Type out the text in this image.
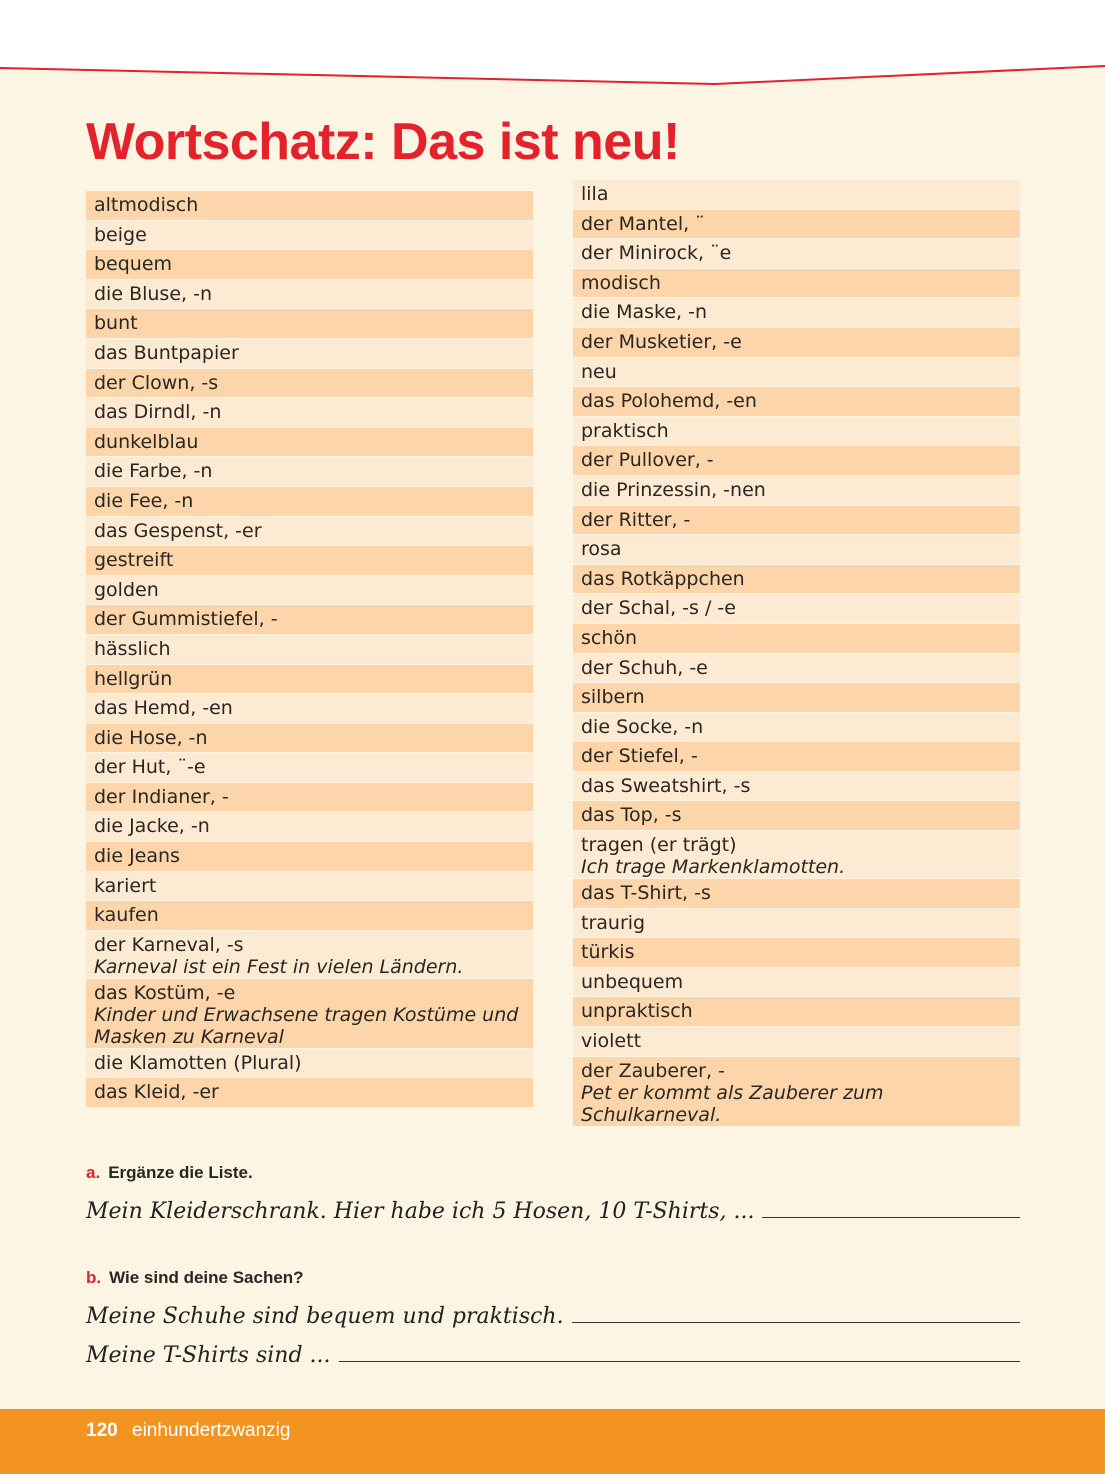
Wortschatz: Das ist neu!
altmodisch
beige
bequem
die Bluse, -n
bunt
das Buntpapier
der Clown, -s
das Dirndl, -n
dunkelblau
die Farbe, -n
die Fee, -n
das Gespenst, -er
gestreift
golden
der Gummistiefel, -
hässlich
hellgrün
das Hemd, -en
die Hose, -n
der Hut, ¨-e
der Indianer, -
die Jacke, -n
die Jeans
kariert
kaufen
der Karneval, -s
Karneval ist ein Fest in vielen Ländern.
das Kostüm, -e
Kinder und Erwachsene tragen Kostüme und Masken zu Karneval
die Klamotten (Plural)
das Kleid, -er
lila
der Mantel, ¨
der Minirock, ¨e
modisch
die Maske, -n
der Musketier, -e
neu
das Polohemd, -en
praktisch
der Pullover, -
die Prinzessin, -nen
der Ritter, -
rosa
das Rotkäppchen
der Schal, -s / -e
schön
der Schuh, -e
silbern
die Socke, -n
der Stiefel, -
das Sweatshirt, -s
das Top, -s
tragen (er trägt)
Ich trage Markenklamotten.
das T-Shirt, -s
traurig
türkis
unbequem
unpraktisch
violett
der Zauberer, -
Pet er kommt als Zauberer zum Schulkarneval.
a. Ergänze die Liste.
Mein Kleiderschrank. Hier habe ich 5 Hosen, 10 T-Shirts, ...
b. Wie sind deine Sachen?
Meine Schuhe sind bequem und praktisch.
Meine T-Shirts sind ...
120 einhundertzwanzig
